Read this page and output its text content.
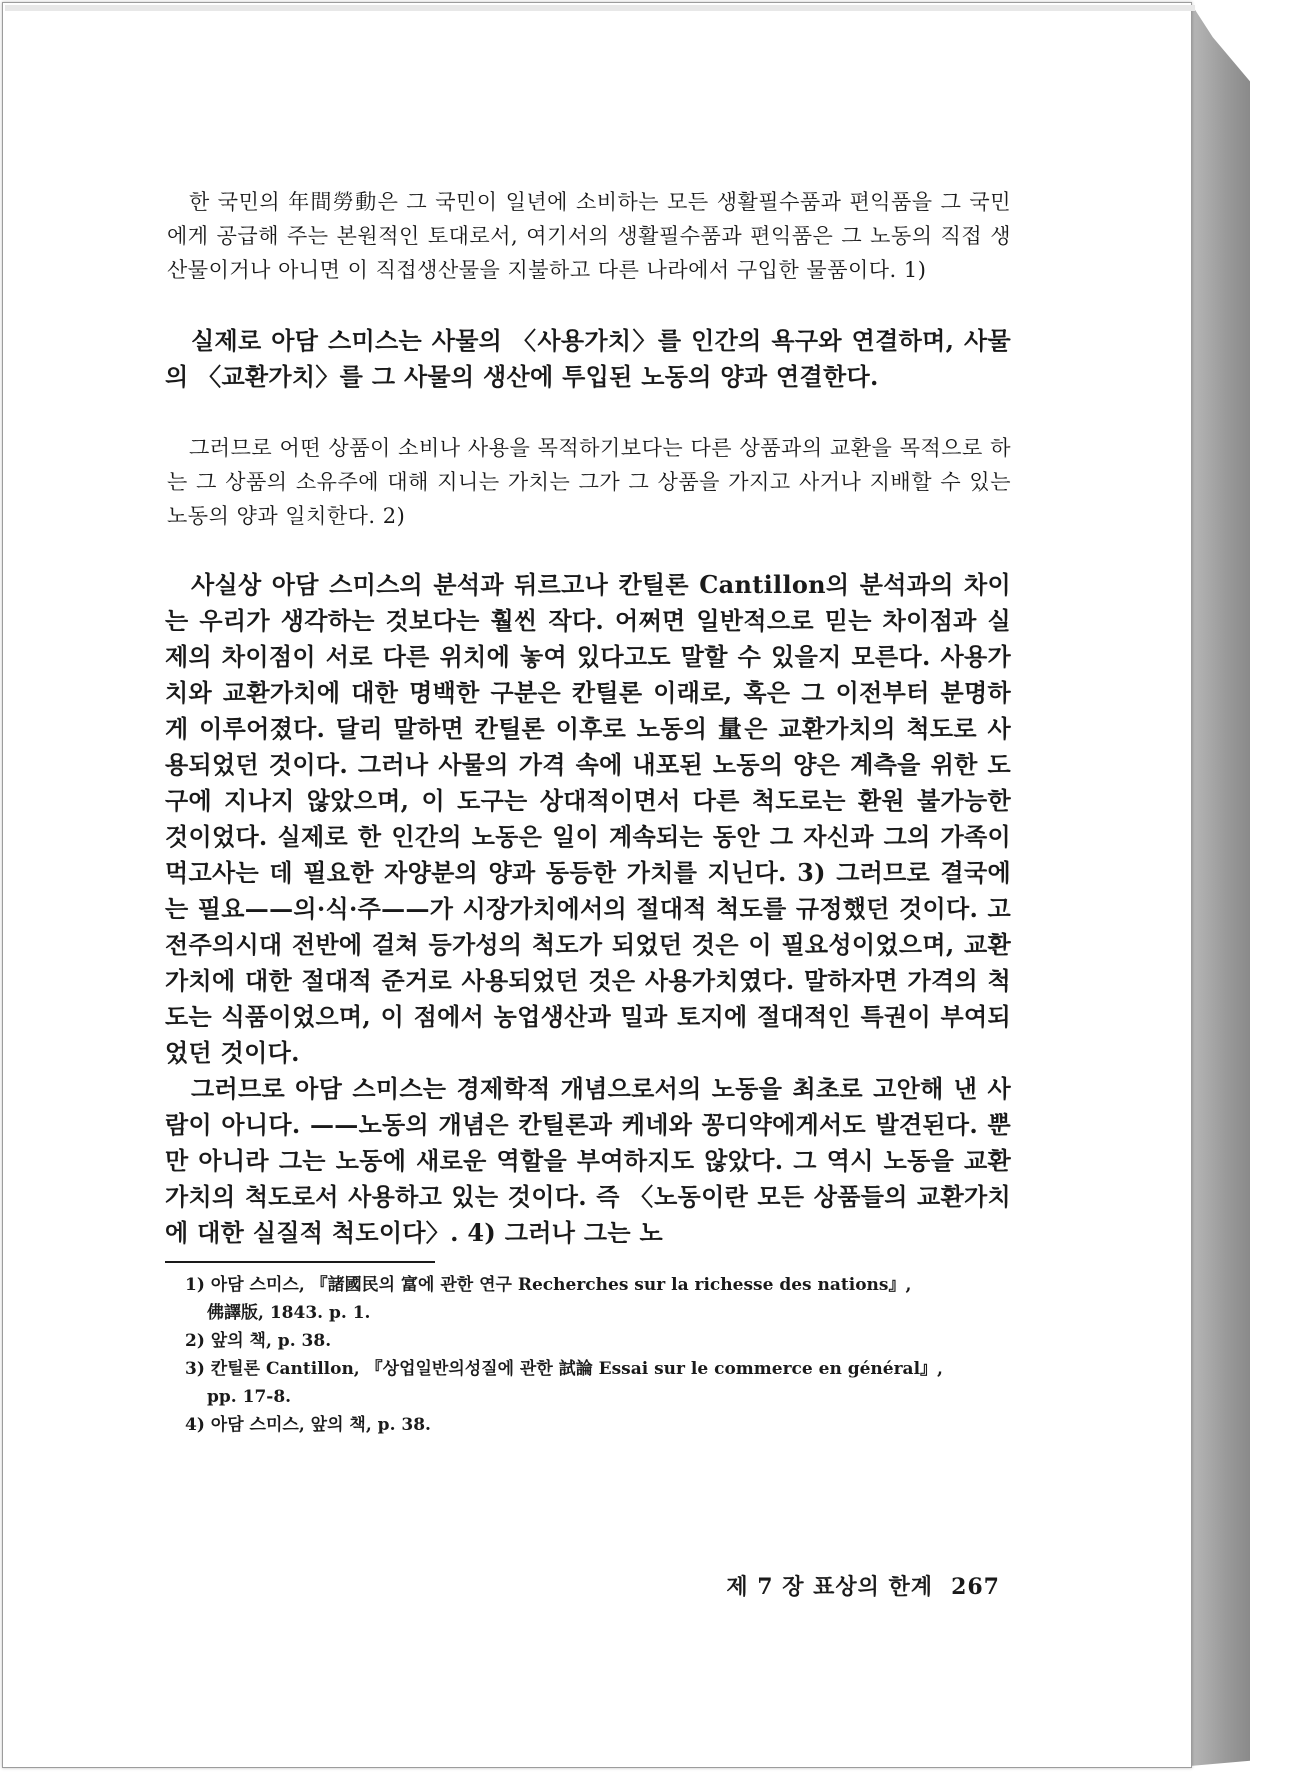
한 국민의 年間勞動은 그 국민이 일년에 소비하는 모든 생활필수품과 편익품을 그 국민에게 공급해 주는 본원적인 토대로서, 여기서의 생활필수품과 편익품은 그 노동의 직접 생산물이거나 아니면 이 직접생산물을 지불하고 다른 나라에서 구입한 물품이다. 1)

실제로 아담 스미스는 사물의 〈사용가치〉를 인간의 욕구와 연결하며, 사물의 〈교환가치〉를 그 사물의 생산에 투입된 노동의 양과 연결한다.

그러므로 어떤 상품이 소비나 사용을 목적하기보다는 다른 상품과의 교환을 목적으로 하는 그 상품의 소유주에 대해 지니는 가치는 그가 그 상품을 가지고 사거나 지배할 수 있는 노동의 양과 일치한다. 2)

사실상 아담 스미스의 분석과 뒤르고나 칸틸론 Cantillon의 분석과의 차이는 우리가 생각하는 것보다는 훨씬 작다. 어쩌면 일반적으로 믿는 차이점과 실제의 차이점이 서로 다른 위치에 놓여 있다고도 말할 수 있을지 모른다. 사용가치와 교환가치에 대한 명백한 구분은 칸틸론 이래로, 혹은 그 이전부터 분명하게 이루어졌다. 달리 말하면 칸틸론 이후로 노동의 量은 교환가치의 척도로 사용되었던 것이다. 그러나 사물의 가격 속에 내포된 노동의 양은 계측을 위한 도구에 지나지 않았으며, 이 도구는 상대적이면서 다른 척도로는 환원 불가능한 것이었다. 실제로 한 인간의 노동은 일이 계속되는 동안 그 자신과 그의 가족이 먹고사는 데 필요한 자양분의 양과 동등한 가치를 지닌다. 3) 그러므로 결국에는 필요——의·식·주——가 시장가치에서의 절대적 척도를 규정했던 것이다. 고전주의시대 전반에 걸쳐 등가성의 척도가 되었던 것은 이 필요성이었으며, 교환가치에 대한 절대적 준거로 사용되었던 것은 사용가치였다. 말하자면 가격의 척도는 식품이었으며, 이 점에서 농업생산과 밀과 토지에 절대적인 특권이 부여되었던 것이다.

그러므로 아담 스미스는 경제학적 개념으로서의 노동을 최초로 고안해 낸 사람이 아니다. ——노동의 개념은 칸틸론과 케네와 꽁디약에게서도 발견된다. 뿐만 아니라 그는 노동에 새로운 역할을 부여하지도 않았다. 그 역시 노동을 교환가치의 척도로서 사용하고 있는 것이다. 즉 〈노동이란 모든 상품들의 교환가치에 대한 실질적 척도이다〉. 4) 그러나 그는 노

1) 아담 스미스, 『諸國民의 富에 관한 연구 Recherches sur la richesse des nations』,
佛譯版, 1843. p. 1.

2) 앞의 책, p. 38.

3) 칸틸론 Cantillon, 『상업일반의성질에 관한 試論 Essai sur le commerce en général』,
pp. 17-8.

4) 아담 스미스, 앞의 책, p. 38.

제 7 장 표상의 한계 267
